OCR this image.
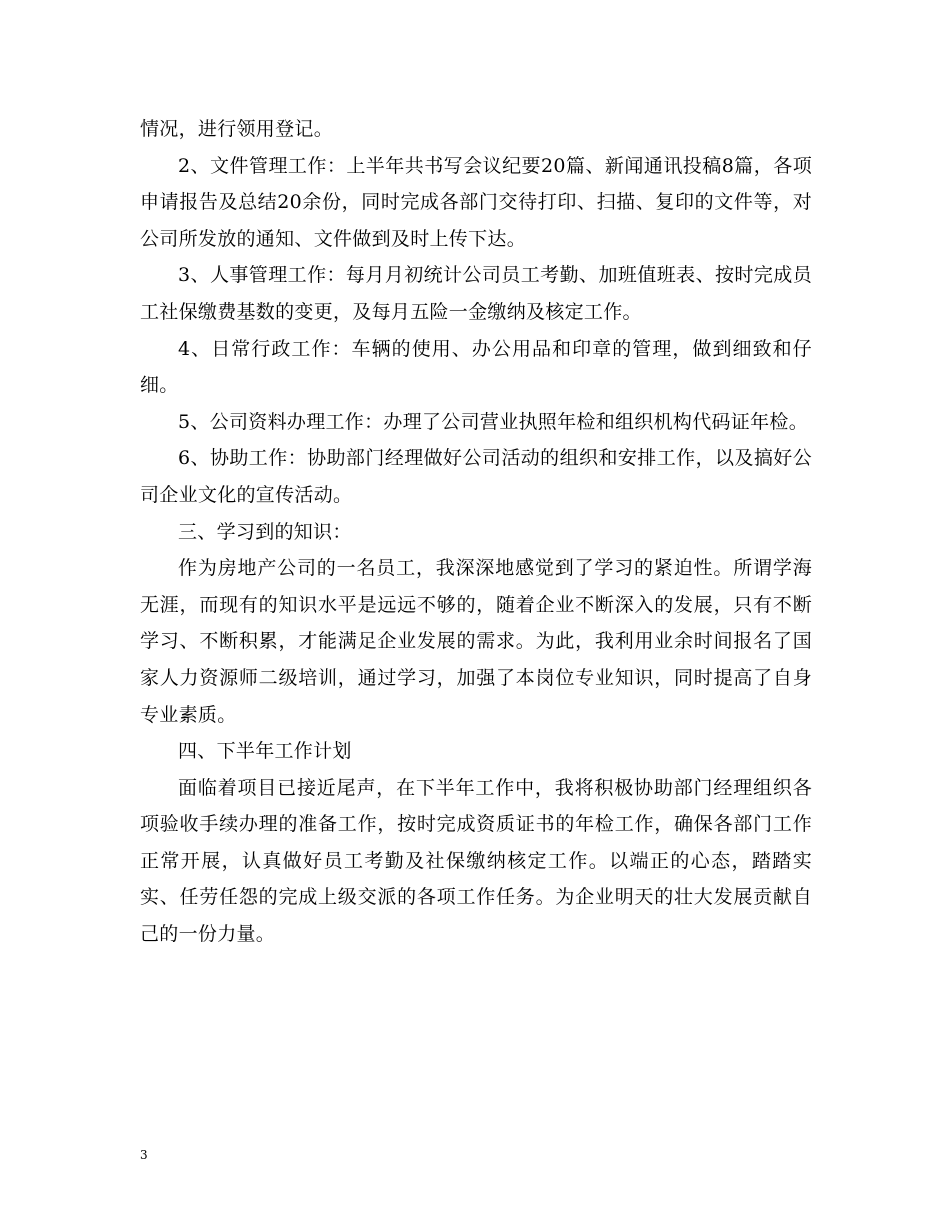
情况，进行领用登记。

2、文件管理工作：上半年共书写会议纪要20篇、新闻通讯投稿8篇，各项申请报告及总结20余份，同时完成各部门交待打印、扫描、复印的文件等，对公司所发放的通知、文件做到及时上传下达。

3、人事管理工作：每月月初统计公司员工考勤、加班值班表、按时完成员工社保缴费基数的变更，及每月五险一金缴纳及核定工作。

4、日常行政工作：车辆的使用、办公用品和印章的管理，做到细致和仔细。

5、公司资料办理工作：办理了公司营业执照年检和组织机构代码证年检。

6、协助工作：协助部门经理做好公司活动的组织和安排工作，以及搞好公司企业文化的宣传活动。

三、学习到的知识：

作为房地产公司的一名员工，我深深地感觉到了学习的紧迫性。所谓学海无涯，而现有的知识水平是远远不够的，随着企业不断深入的发展，只有不断学习、不断积累，才能满足企业发展的需求。为此，我利用业余时间报名了国家人力资源师二级培训，通过学习，加强了本岗位专业知识，同时提高了自身专业素质。

四、下半年工作计划

面临着项目已接近尾声，在下半年工作中，我将积极协助部门经理组织各项验收手续办理的准备工作，按时完成资质证书的年检工作，确保各部门工作正常开展，认真做好员工考勤及社保缴纳核定工作。以端正的心态，踏踏实实、任劳任怨的完成上级交派的各项工作任务。为企业明天的壮大发展贡献自己的一份力量。

3
